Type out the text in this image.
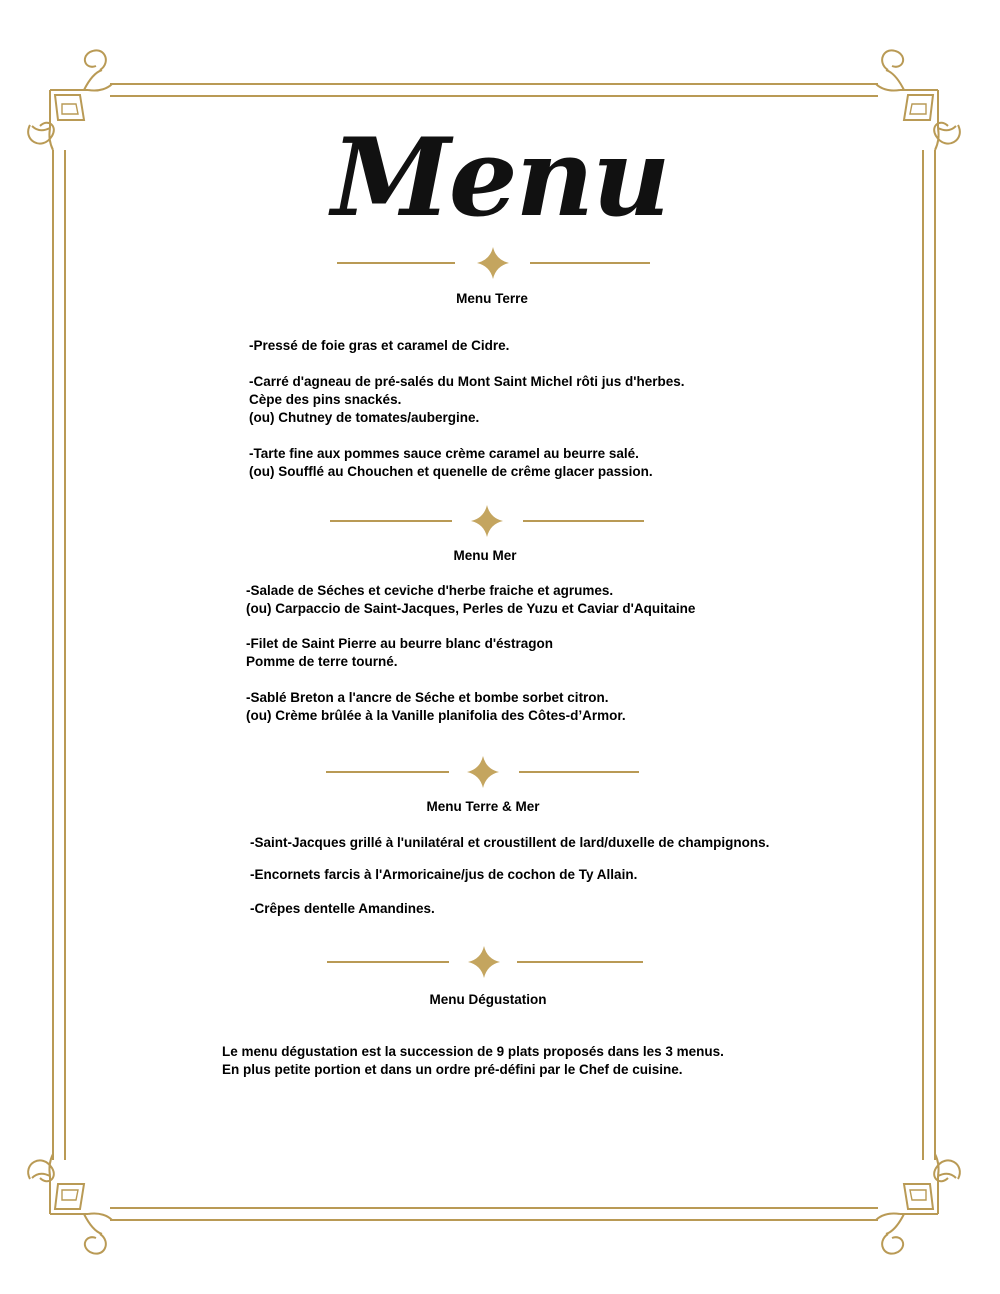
Menu

Menu Terre

-Pressé de foie gras et caramel de Cidre.
-Carré d'agneau de pré-salés du Mont Saint Michel rôti jus d'herbes.
Cèpe des pins snackés.
(ou) Chutney de tomates/aubergine.
-Tarte fine aux pommes sauce crème caramel au beurre salé.
(ou) Soufflé au Chouchen et quenelle de crême glacer passion.

Menu Mer

-Salade de Séches et ceviche d'herbe fraiche et agrumes.
(ou) Carpaccio de Saint-Jacques, Perles de Yuzu et Caviar d'Aquitaine
-Filet de Saint Pierre au beurre blanc d'éstragon
Pomme de terre tourné.
-Sablé Breton a l'ancre de Séche et bombe sorbet citron.
(ou) Crème brûlée à la Vanille planifolia des Côtes-d’Armor.

Menu Terre & Mer

-Saint-Jacques grillé à l'unilatéral et croustillent de lard/duxelle de champignons.
-Encornets farcis à l'Armoricaine/jus de cochon de Ty Allain.
-Crêpes dentelle Amandines.

Menu Dégustation

Le menu dégustation est la succession de 9 plats proposés dans les 3 menus.
En plus petite portion et dans un ordre pré-défini par le Chef de cuisine.
